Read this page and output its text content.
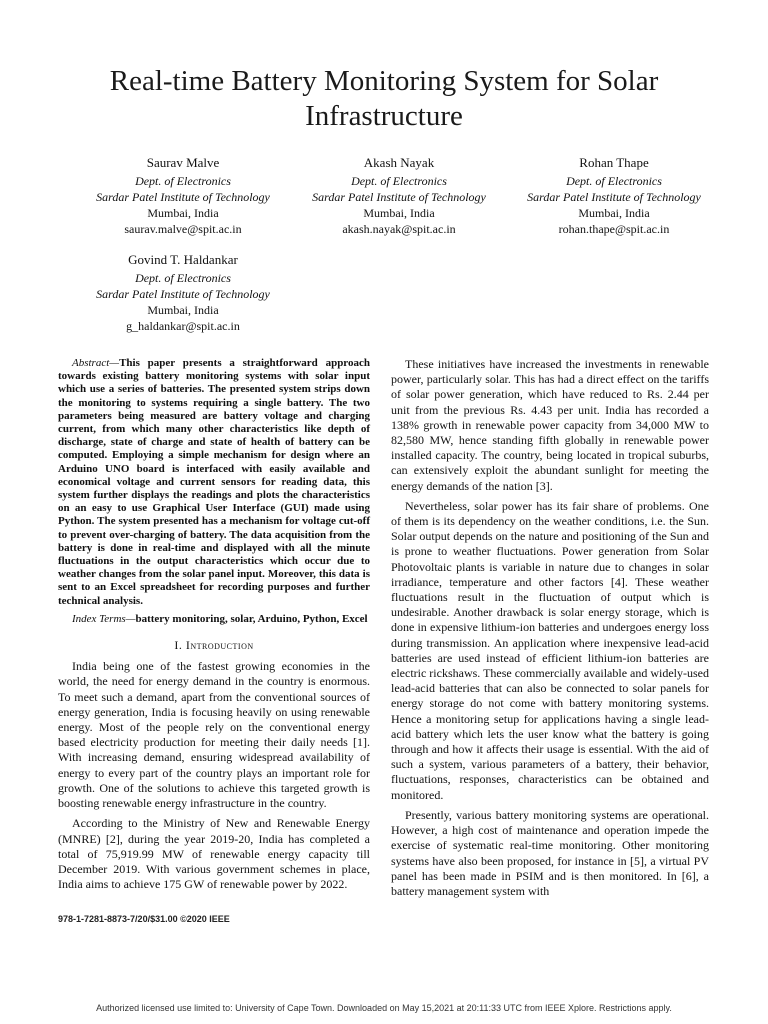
Real-time Battery Monitoring System for Solar Infrastructure
Saurav Malve
Dept. of Electronics
Sardar Patel Institute of Technology
Mumbai, India
saurav.malve@spit.ac.in
Akash Nayak
Dept. of Electronics
Sardar Patel Institute of Technology
Mumbai, India
akash.nayak@spit.ac.in
Rohan Thape
Dept. of Electronics
Sardar Patel Institute of Technology
Mumbai, India
rohan.thape@spit.ac.in
Govind T. Haldankar
Dept. of Electronics
Sardar Patel Institute of Technology
Mumbai, India
g_haldankar@spit.ac.in

Abstract—This paper presents a straightforward approach towards existing battery monitoring systems with solar input which use a series of batteries. The presented system strips down the monitoring to systems requiring a single battery. The two parameters being measured are battery voltage and charging current, from which many other characteristics like depth of discharge, state of charge and state of health of battery can be computed. Employing a simple mechanism for design where an Arduino UNO board is interfaced with easily available and economical voltage and current sensors for reading data, this system further displays the readings and plots the characteristics on an easy to use Graphical User Interface (GUI) made using Python. The system presented has a mechanism for voltage cut-off to prevent over-charging of battery. The data acquisition from the battery is done in real-time and displayed with all the minute fluctuations in the output characteristics which occur due to weather changes from the solar panel input. Moreover, this data is sent to an Excel spreadsheet for recording purposes and further technical analysis.

Index Terms—battery monitoring, solar, Arduino, Python, Excel

I. Introduction

India being one of the fastest growing economies in the world, the need for energy demand in the country is enormous. To meet such a demand, apart from the conventional sources of energy generation, India is focusing heavily on using renewable energy. Most of the people rely on the conventional energy based electricity production for meeting their daily needs [1]. With increasing demand, ensuring widespread availability of energy to every part of the country plays an important role for growth. One of the solutions to achieve this targeted growth is boosting renewable energy infrastructure in the country.

According to the Ministry of New and Renewable Energy (MNRE) [2], during the year 2019-20, India has completed a total of 75,919.99 MW of renewable energy capacity till December 2019. With various government schemes in place, India aims to achieve 175 GW of renewable power by 2022.

These initiatives have increased the investments in renewable power, particularly solar. This has had a direct effect on the tariffs of solar power generation, which have reduced to Rs. 2.44 per unit from the previous Rs. 4.43 per unit. India has recorded a 138% growth in renewable power capacity from 34,000 MW to 82,580 MW, hence standing fifth globally in renewable power installed capacity. The country, being located in tropical suburbs, can extensively exploit the abundant sunlight for meeting the energy demands of the nation [3].

Nevertheless, solar power has its fair share of problems. One of them is its dependency on the weather conditions, i.e. the Sun. Solar output depends on the nature and positioning of the Sun and is prone to weather fluctuations. Power generation from Solar Photovoltaic plants is variable in nature due to changes in solar irradiance, temperature and other factors [4]. These weather fluctuations result in the fluctuation of output which is undesirable. Another drawback is solar energy storage, which is done in expensive lithium-ion batteries and undergoes energy loss during transmission. An application where inexpensive lead-acid batteries are used instead of efficient lithium-ion batteries are electric rickshaws. These commercially available and widely-used lead-acid batteries that can also be connected to solar panels for energy storage do not come with battery monitoring systems. Hence a monitoring setup for applications having a single lead-acid battery which lets the user know what the battery is going through and how it affects their usage is essential. With the aid of such a system, various parameters of a battery, their behavior, fluctuations, responses, characteristics can be obtained and monitored.

Presently, various battery monitoring systems are operational. However, a high cost of maintenance and operation impede the exercise of systematic real-time monitoring. Other monitoring systems have also been proposed, for instance in [5], a virtual PV panel has been made in PSIM and is then monitored. In [6], a battery management system with

978-1-7281-8873-7/20/$31.00 ©2020 IEEE
Authorized licensed use limited to: University of Cape Town. Downloaded on May 15,2021 at 20:11:33 UTC from IEEE Xplore. Restrictions apply.
